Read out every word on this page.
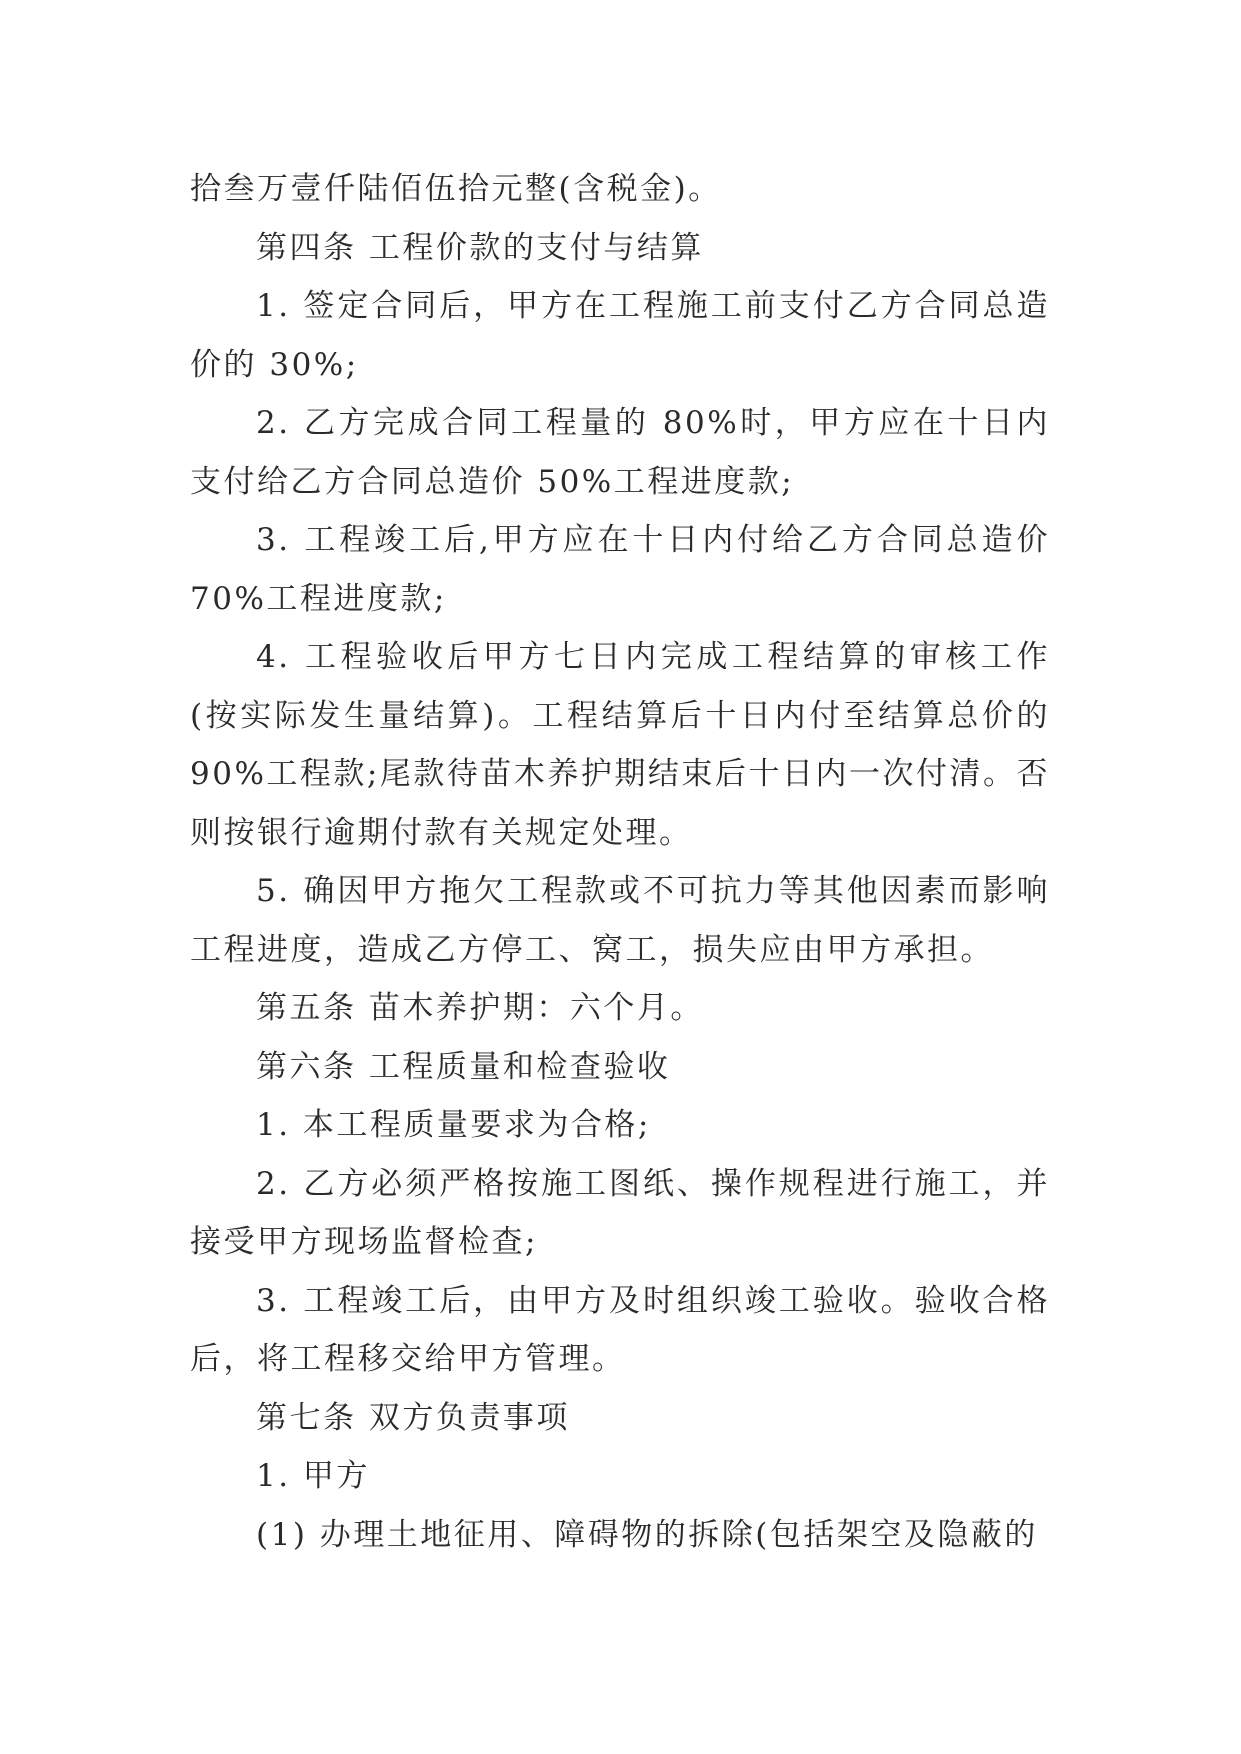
拾叁万壹仟陆佰伍拾元整(含税金)。

第四条 工程价款的支付与结算

1. 签定合同后，甲方在工程施工前支付乙方合同总造价的 30%;

2. 乙方完成合同工程量的 80%时，甲方应在十日内支付给乙方合同总造价 50%工程进度款;

3. 工程竣工后,甲方应在十日内付给乙方合同总造价 70%工程进度款;

4. 工程验收后甲方七日内完成工程结算的审核工作(按实际发生量结算)。工程结算后十日内付至结算总价的 90%工程款;尾款待苗木养护期结束后十日内一次付清。否则按银行逾期付款有关规定处理。

5. 确因甲方拖欠工程款或不可抗力等其他因素而影响工程进度，造成乙方停工、窝工，损失应由甲方承担。

第五条 苗木养护期：六个月。

第六条 工程质量和检查验收

1. 本工程质量要求为合格;

2. 乙方必须严格按施工图纸、操作规程进行施工，并接受甲方现场监督检查;

3. 工程竣工后，由甲方及时组织竣工验收。验收合格后，将工程移交给甲方管理。

第七条 双方负责事项

1. 甲方

(1) 办理土地征用、障碍物的拆除(包括架空及隐蔽的
